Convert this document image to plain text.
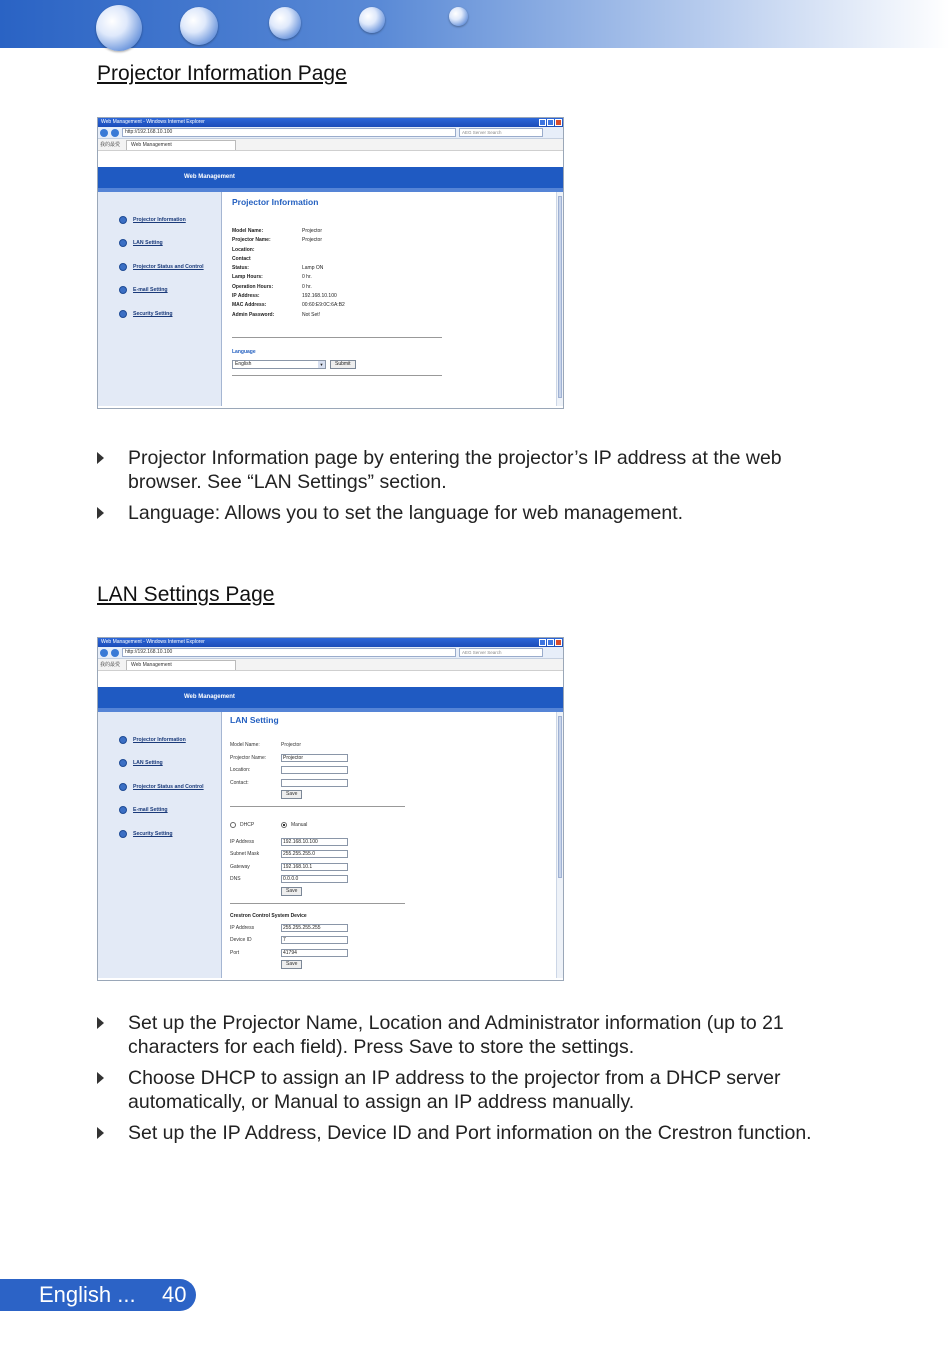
Projector Information Page
Web Management - Windows Internet Explorer
http://192.168.10.100	AEG Server Search
我的最愛	Web Management
Web Management
Projector Information
LAN Setting
Projector Status and Control
E-mail Setting
Security Setting
Projector Information
Model Name:	Projector
Projector Name:	Projector
Location:
Contact
Status:	Lamp ON
Lamp Hours:	0 hr.
Operation Hours:	0 hr.
IP Address:	192.168.10.100
MAC Address:	00:60:E9:0C:6A:B2
Admin Password:	Not Set!
Language
English	▼	Submit
Projector Information page by entering the projector’s IP address at the web browser. See “LAN Settings” section.
Language: Allows you to set the language for web management.
LAN Settings Page
Web Management - Windows Internet Explorer
http://192.168.10.100	AEG Server Search
我的最愛	Web Management
Web Management
Projector Information
LAN Setting
Projector Status and Control
E-mail Setting
Security Setting
LAN Setting
Model Name:	Projector
Projector Name:	Projector
Location:
Contact:
Save
DHCP	Manual
IP Address	192.168.10.100
Subnet Mask	255.255.255.0
Gateway	192.168.10.1
DNS	0.0.0.0
Save
Crestron Control System Device
IP Address	255.255.255.255
Device ID	7
Port	41794
Save
Set up the Projector Name, Location and Administrator information (up to 21 characters for each field). Press Save to store the settings.
Choose DHCP to assign an IP address to the projector from a DHCP server automatically, or Manual to assign an IP address manually.
Set up the IP Address, Device ID and Port information on the Crestron function.
English ... 40
